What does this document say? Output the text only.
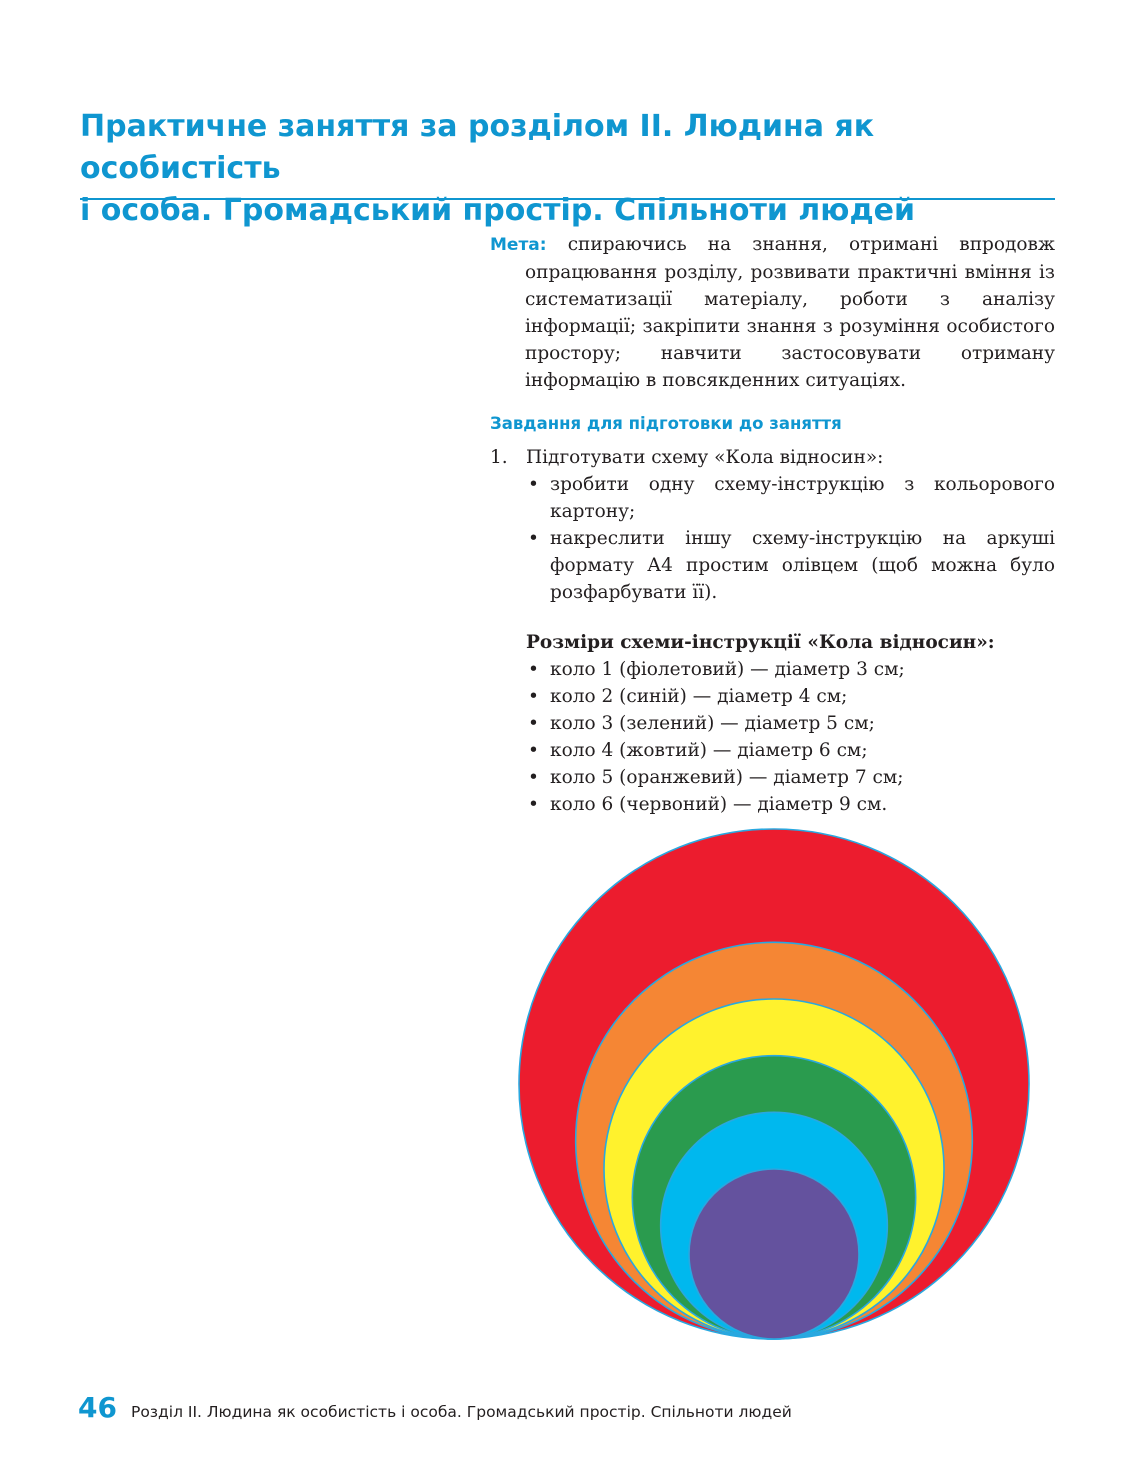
Практичне заняття за розділом ІІ. Людина як особистість
і особа. Громадський простір. Спільноти людей

Мета: спираючись на знання, отримані впродовж опрацювання розділу, розвивати практичні вміння із систематизації матеріалу, роботи з аналізу інформації; закріпити знання з розуміння особистого простору; навчити застосовувати отриману інформацію в повсякденних ситуаціях.

Завдання для підготовки до заняття
1. Підготувати схему «Кола відносин»:
• зробити одну схему-інструкцію з кольорового картону;
• накреслити іншу схему-інструкцію на аркуші формату А4 простим олівцем (щоб можна було розфарбувати її).

Розміри схеми-інструкції «Кола відносин»:

• коло 1 (фіолетовий) — діаметр 3 см;
• коло 2 (синій) — діаметр 4 см;
• коло 3 (зелений) — діаметр 5 см;
• коло 4 (жовтий) — діаметр 6 см;
• коло 5 (оранжевий) — діаметр 7 см;
• коло 6 (червоний) — діаметр 9 см.
46 Розділ ІІ. Людина як особистість і особа. Громадський простір. Спільноти людей
